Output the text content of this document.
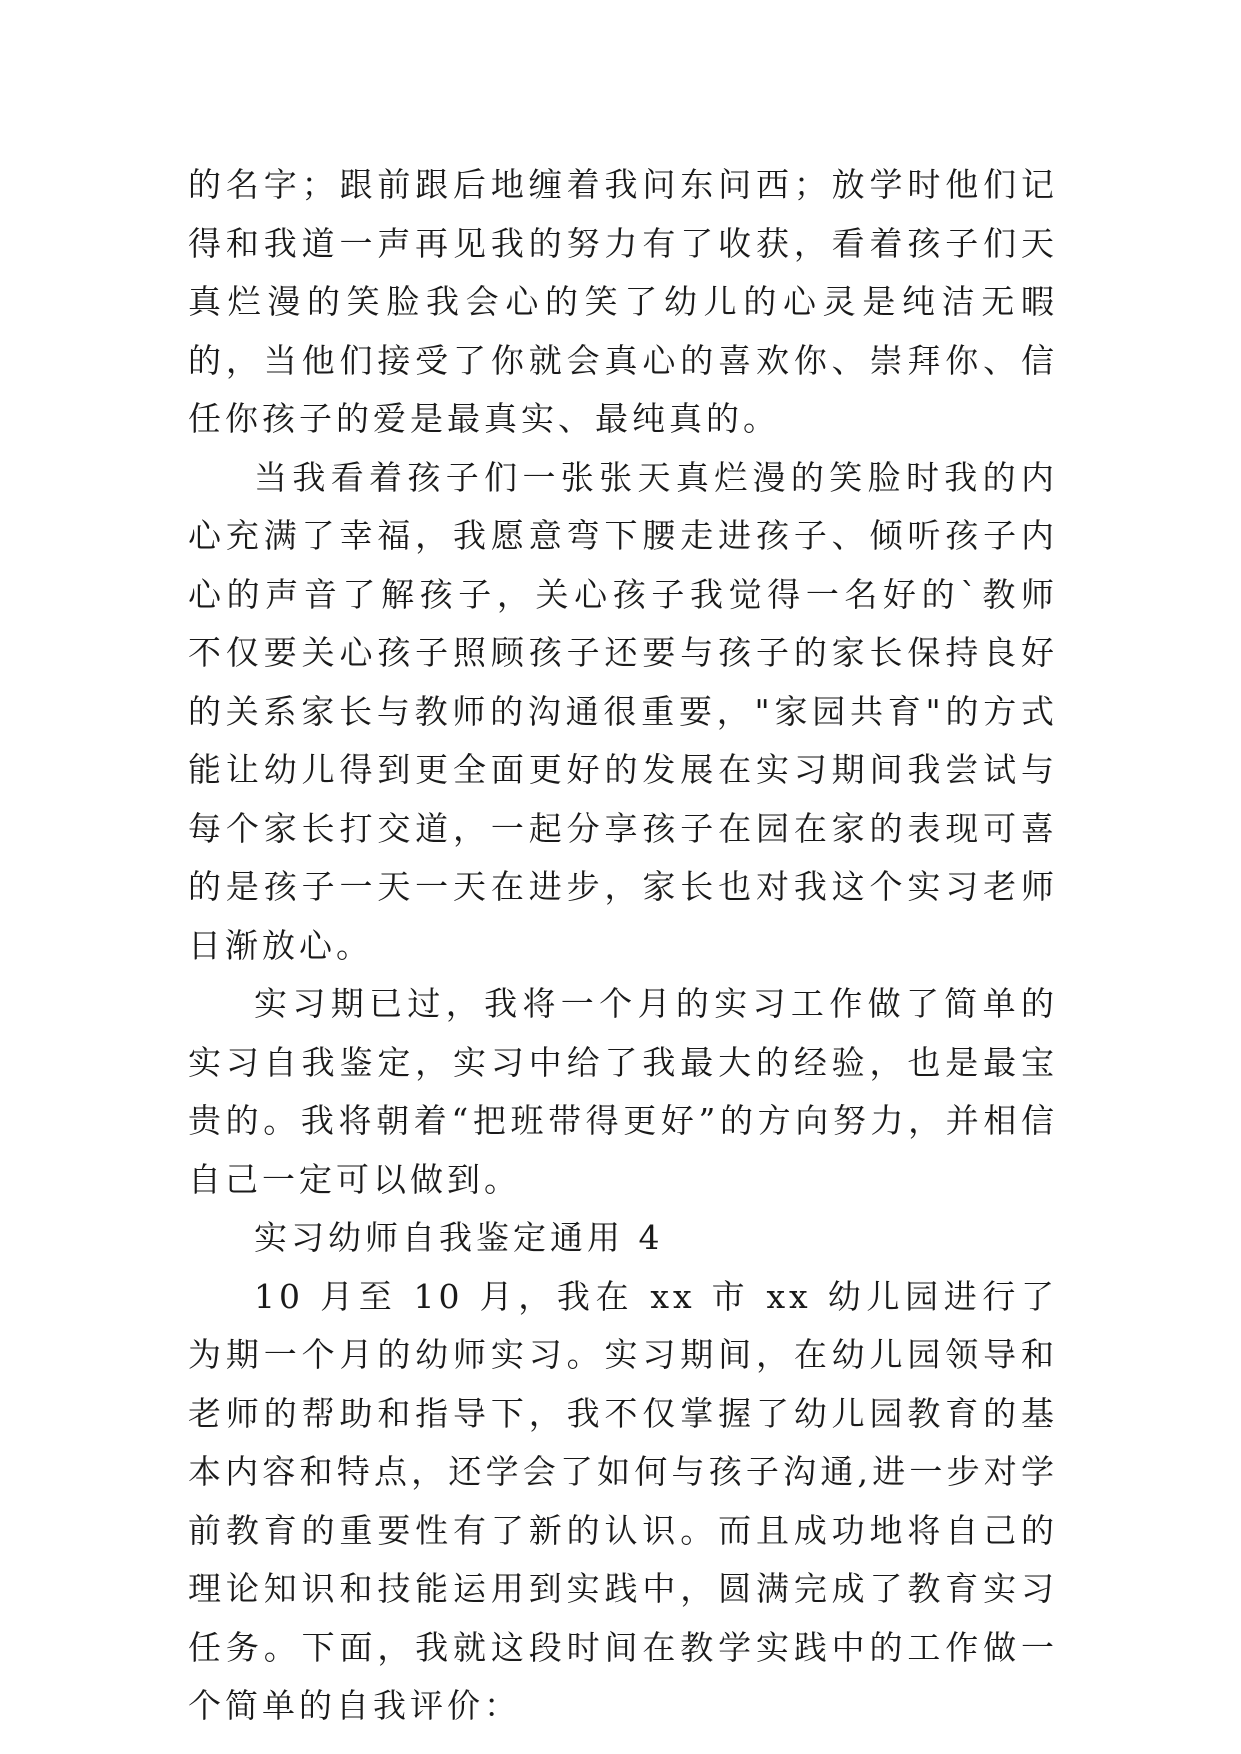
的名字；跟前跟后地缠着我问东问西；放学时他们记得和我道一声再见我的努力有了收获，看着孩子们天真烂漫的笑脸我会心的笑了幼儿的心灵是纯洁无暇的，当他们接受了你就会真心的喜欢你、崇拜你、信任你孩子的爱是最真实、最纯真的。

当我看着孩子们一张张天真烂漫的笑脸时我的内心充满了幸福，我愿意弯下腰走进孩子、倾听孩子内心的声音了解孩子，关心孩子我觉得一名好的`教师不仅要关心孩子照顾孩子还要与孩子的家长保持良好的关系家长与教师的沟通很重要，"家园共育"的方式能让幼儿得到更全面更好的发展在实习期间我尝试与每个家长打交道，一起分享孩子在园在家的表现可喜的是孩子一天一天在进步，家长也对我这个实习老师日渐放心。

实习期已过，我将一个月的实习工作做了简单的实习自我鉴定，实习中给了我最大的经验，也是最宝贵的。我将朝着“把班带得更好”的方向努力，并相信自己一定可以做到。

实习幼师自我鉴定通用 4

10 月至 10 月，我在 xx 市 xx 幼儿园进行了为期一个月的幼师实习。实习期间，在幼儿园领导和老师的帮助和指导下，我不仅掌握了幼儿园教育的基本内容和特点，还学会了如何与孩子沟通,进一步对学前教育的重要性有了新的认识。而且成功地将自己的理论知识和技能运用到实践中，圆满完成了教育实习任务。下面，我就这段时间在教学实践中的工作做一个简单的自我评价：
